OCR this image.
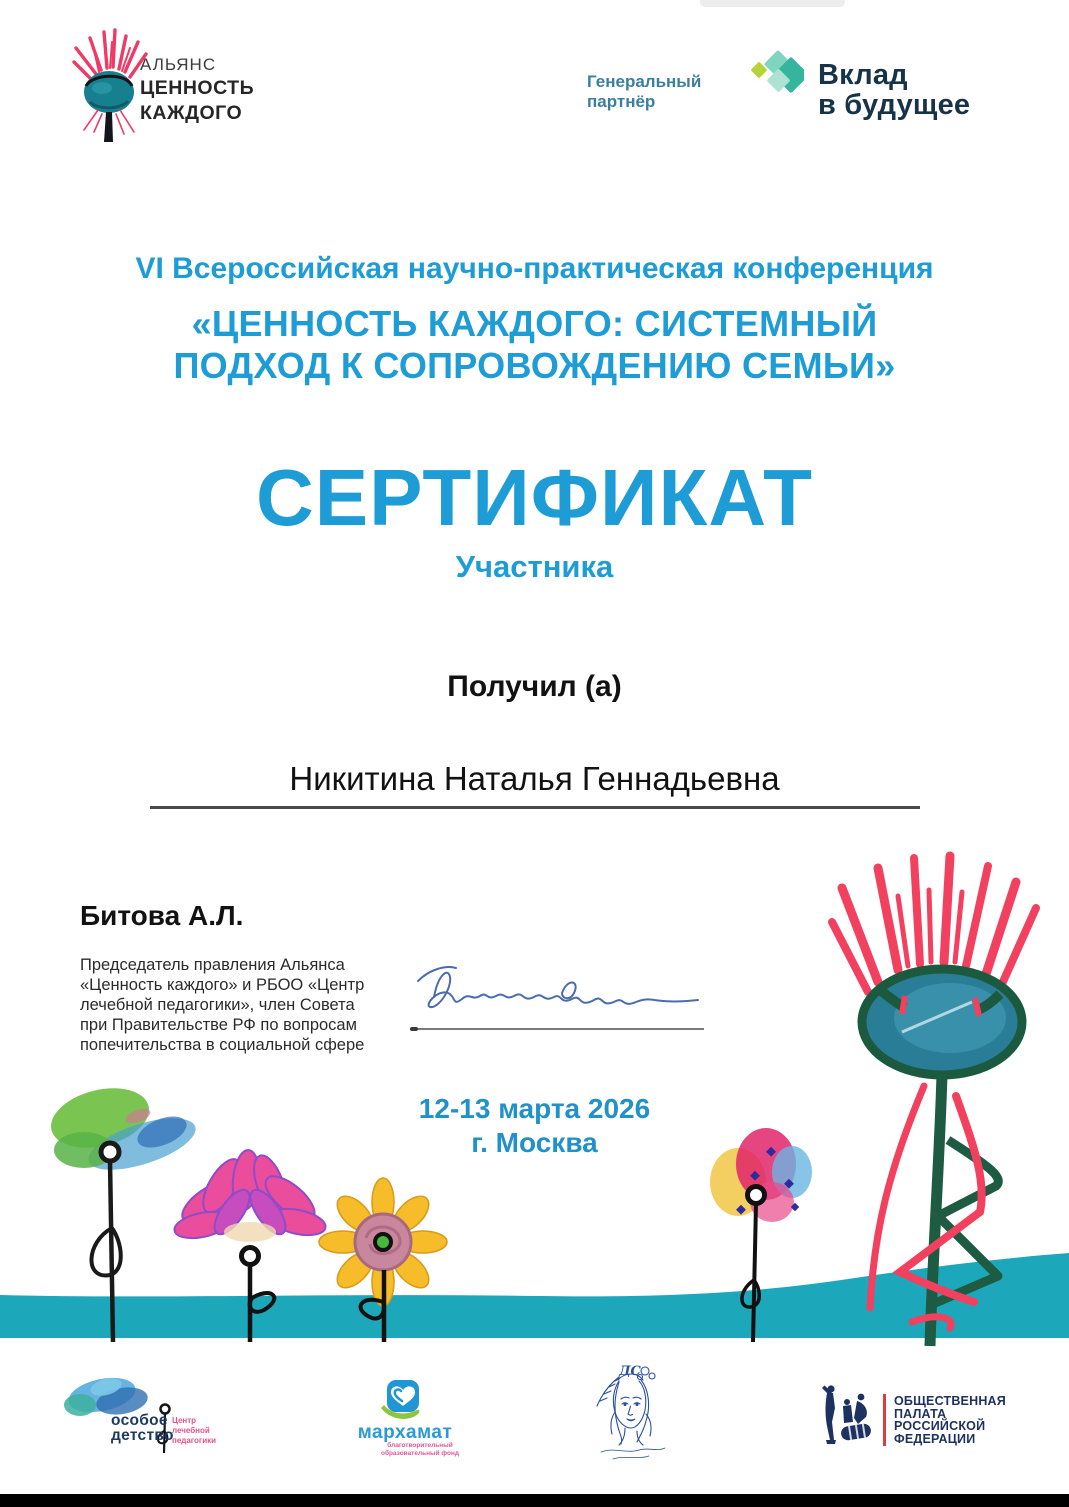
АЛЬЯНС
ЦЕННОСТЬ
КАЖДОГО
Генеральный
партнёр
Вклад
в будущее
VI Всероссийская научно-практическая конференция
«ЦЕННОСТЬ КАЖДОГО: СИСТЕМНЫЙ
ПОДХОД К СОПРОВОЖДЕНИЮ СЕМЬИ»
СЕРТИФИКАТ
Участника
Получил (а)
Никитина Наталья Геннадьевна
Битова А.Л.
Председатель правления Альянса «Ценность каждого» и РБОО «Центр лечебной педагогики», член Совета при Правительстве РФ по вопросам попечительства в социальной сфере
12-13 марта 2026
г. Москва
особое
детство
Центр
лечебной
педагогики	мархамат
благотворительный
образовательный фонд
ДС
ОБЩЕСТВЕННАЯ
ПАЛАТА
РОССИЙСКОЙ
ФЕДЕРАЦИИ
